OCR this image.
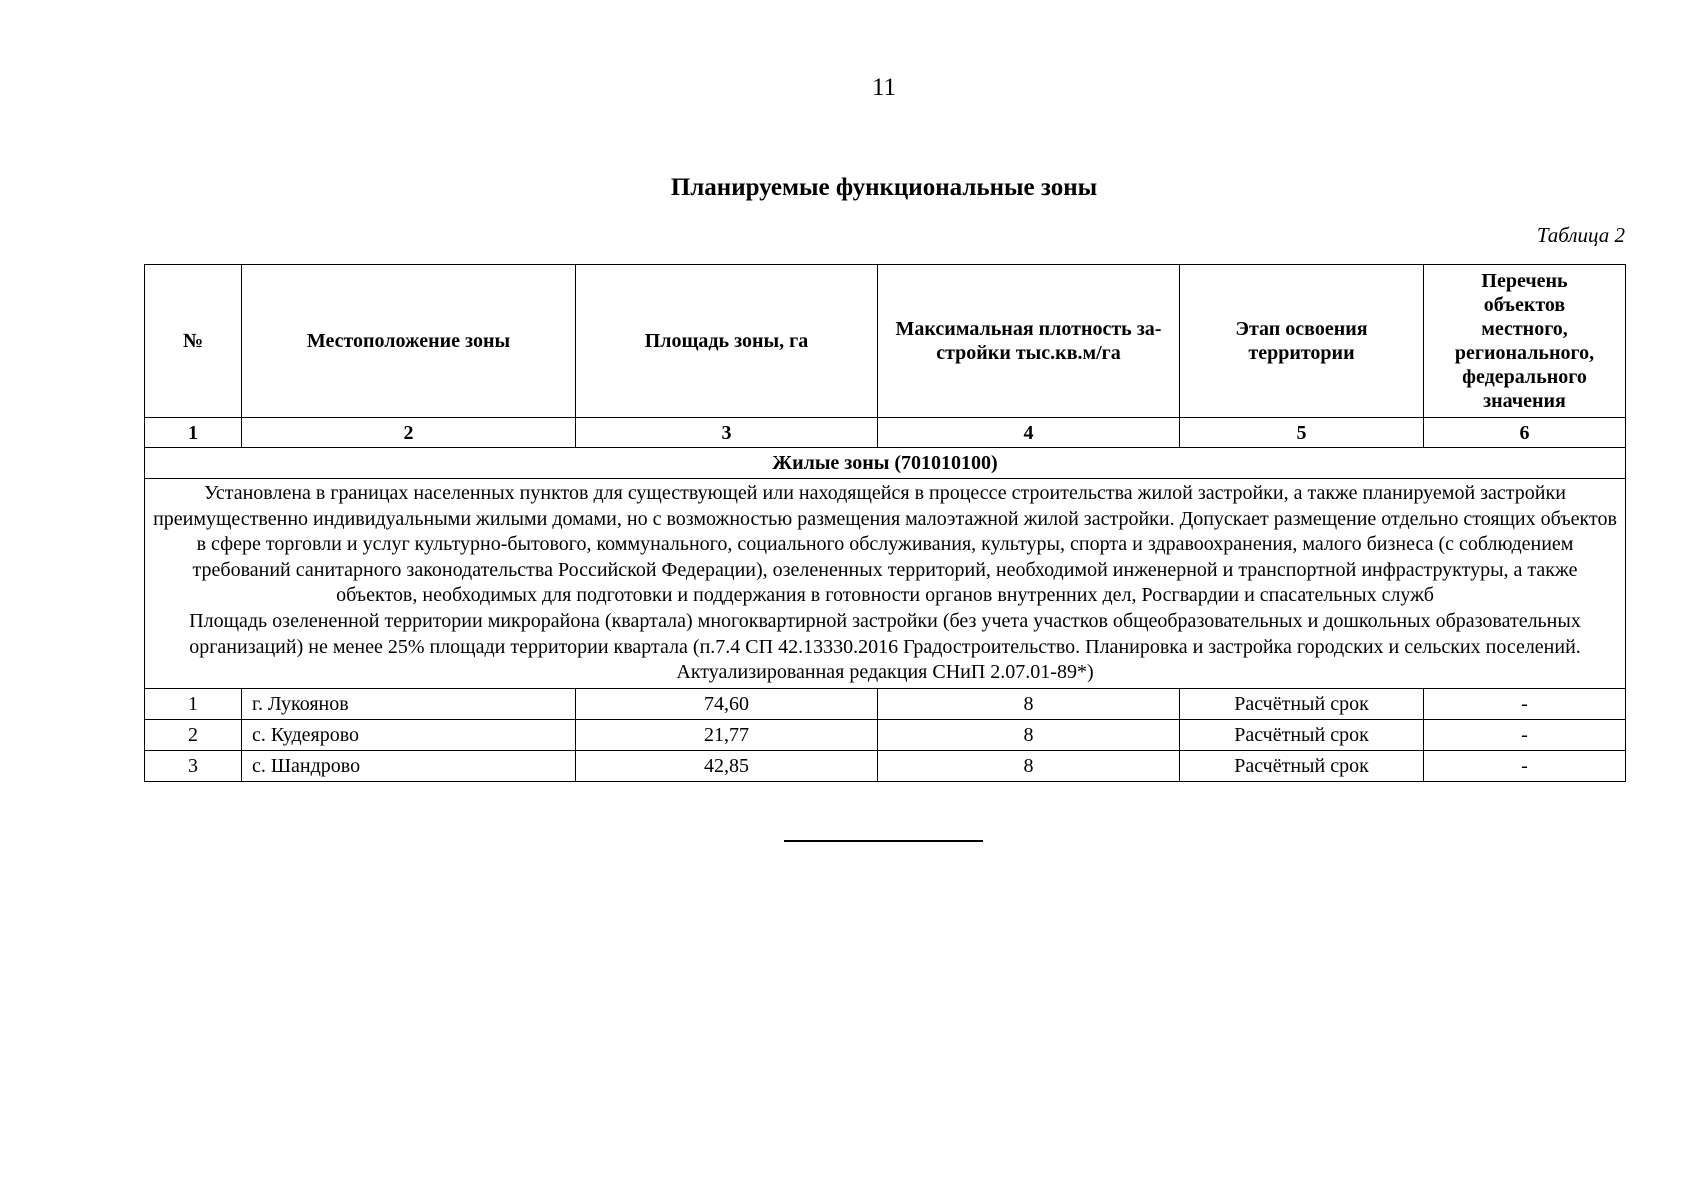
11
Планируемые функциональные зоны
Таблица 2
№	Местоположение зоны	Площадь зоны, га	Максимальная плотность за-стройки тыс.кв.м/га	Этап освоения территории	Перечень объектов местного, регионального, федерального значения
1	2	3	4	5	6
Жилые зоны (701010100)					

Установлена в границах населенных пунктов для существующей или находящейся в процессе строительства жилой застройки, а также планируемой застройки преимущественно индивидуальными жилыми домами, но с возможностью размещения малоэтажной жилой застройки. Допускает размещение отдельно стоящих объектов в сфере торговли и услуг культурно-бытового, коммунального, социального обслуживания, культуры, спорта и здравоохранения, малого бизнеса (с соблюдением требований санитарного законодательства Российской Федерации), озелененных территорий, необходимой инженерной и транспортной инфраструктуры, а также объектов, необходимых для подготовки и поддержания в готовности органов внутренних дел, Росгвардии и спасательных служб
Площадь озелененной территории микрорайона (квартала) многоквартирной застройки (без учета участков общеобразовательных и дошкольных образовательных организаций) не менее 25% площади территории квартала (п.7.4 СП 42.13330.2016 Градостроительство. Планировка и застройка городских и сельских поселений. Актуализированная редакция СНиП 2.07.01-89*)					

1	г. Лукоянов	74,60	8	Расчётный срок	-
2	с. Кудеярово	21,77	8	Расчётный срок	-
3	с. Шандрово	42,85	8	Расчётный срок	-
